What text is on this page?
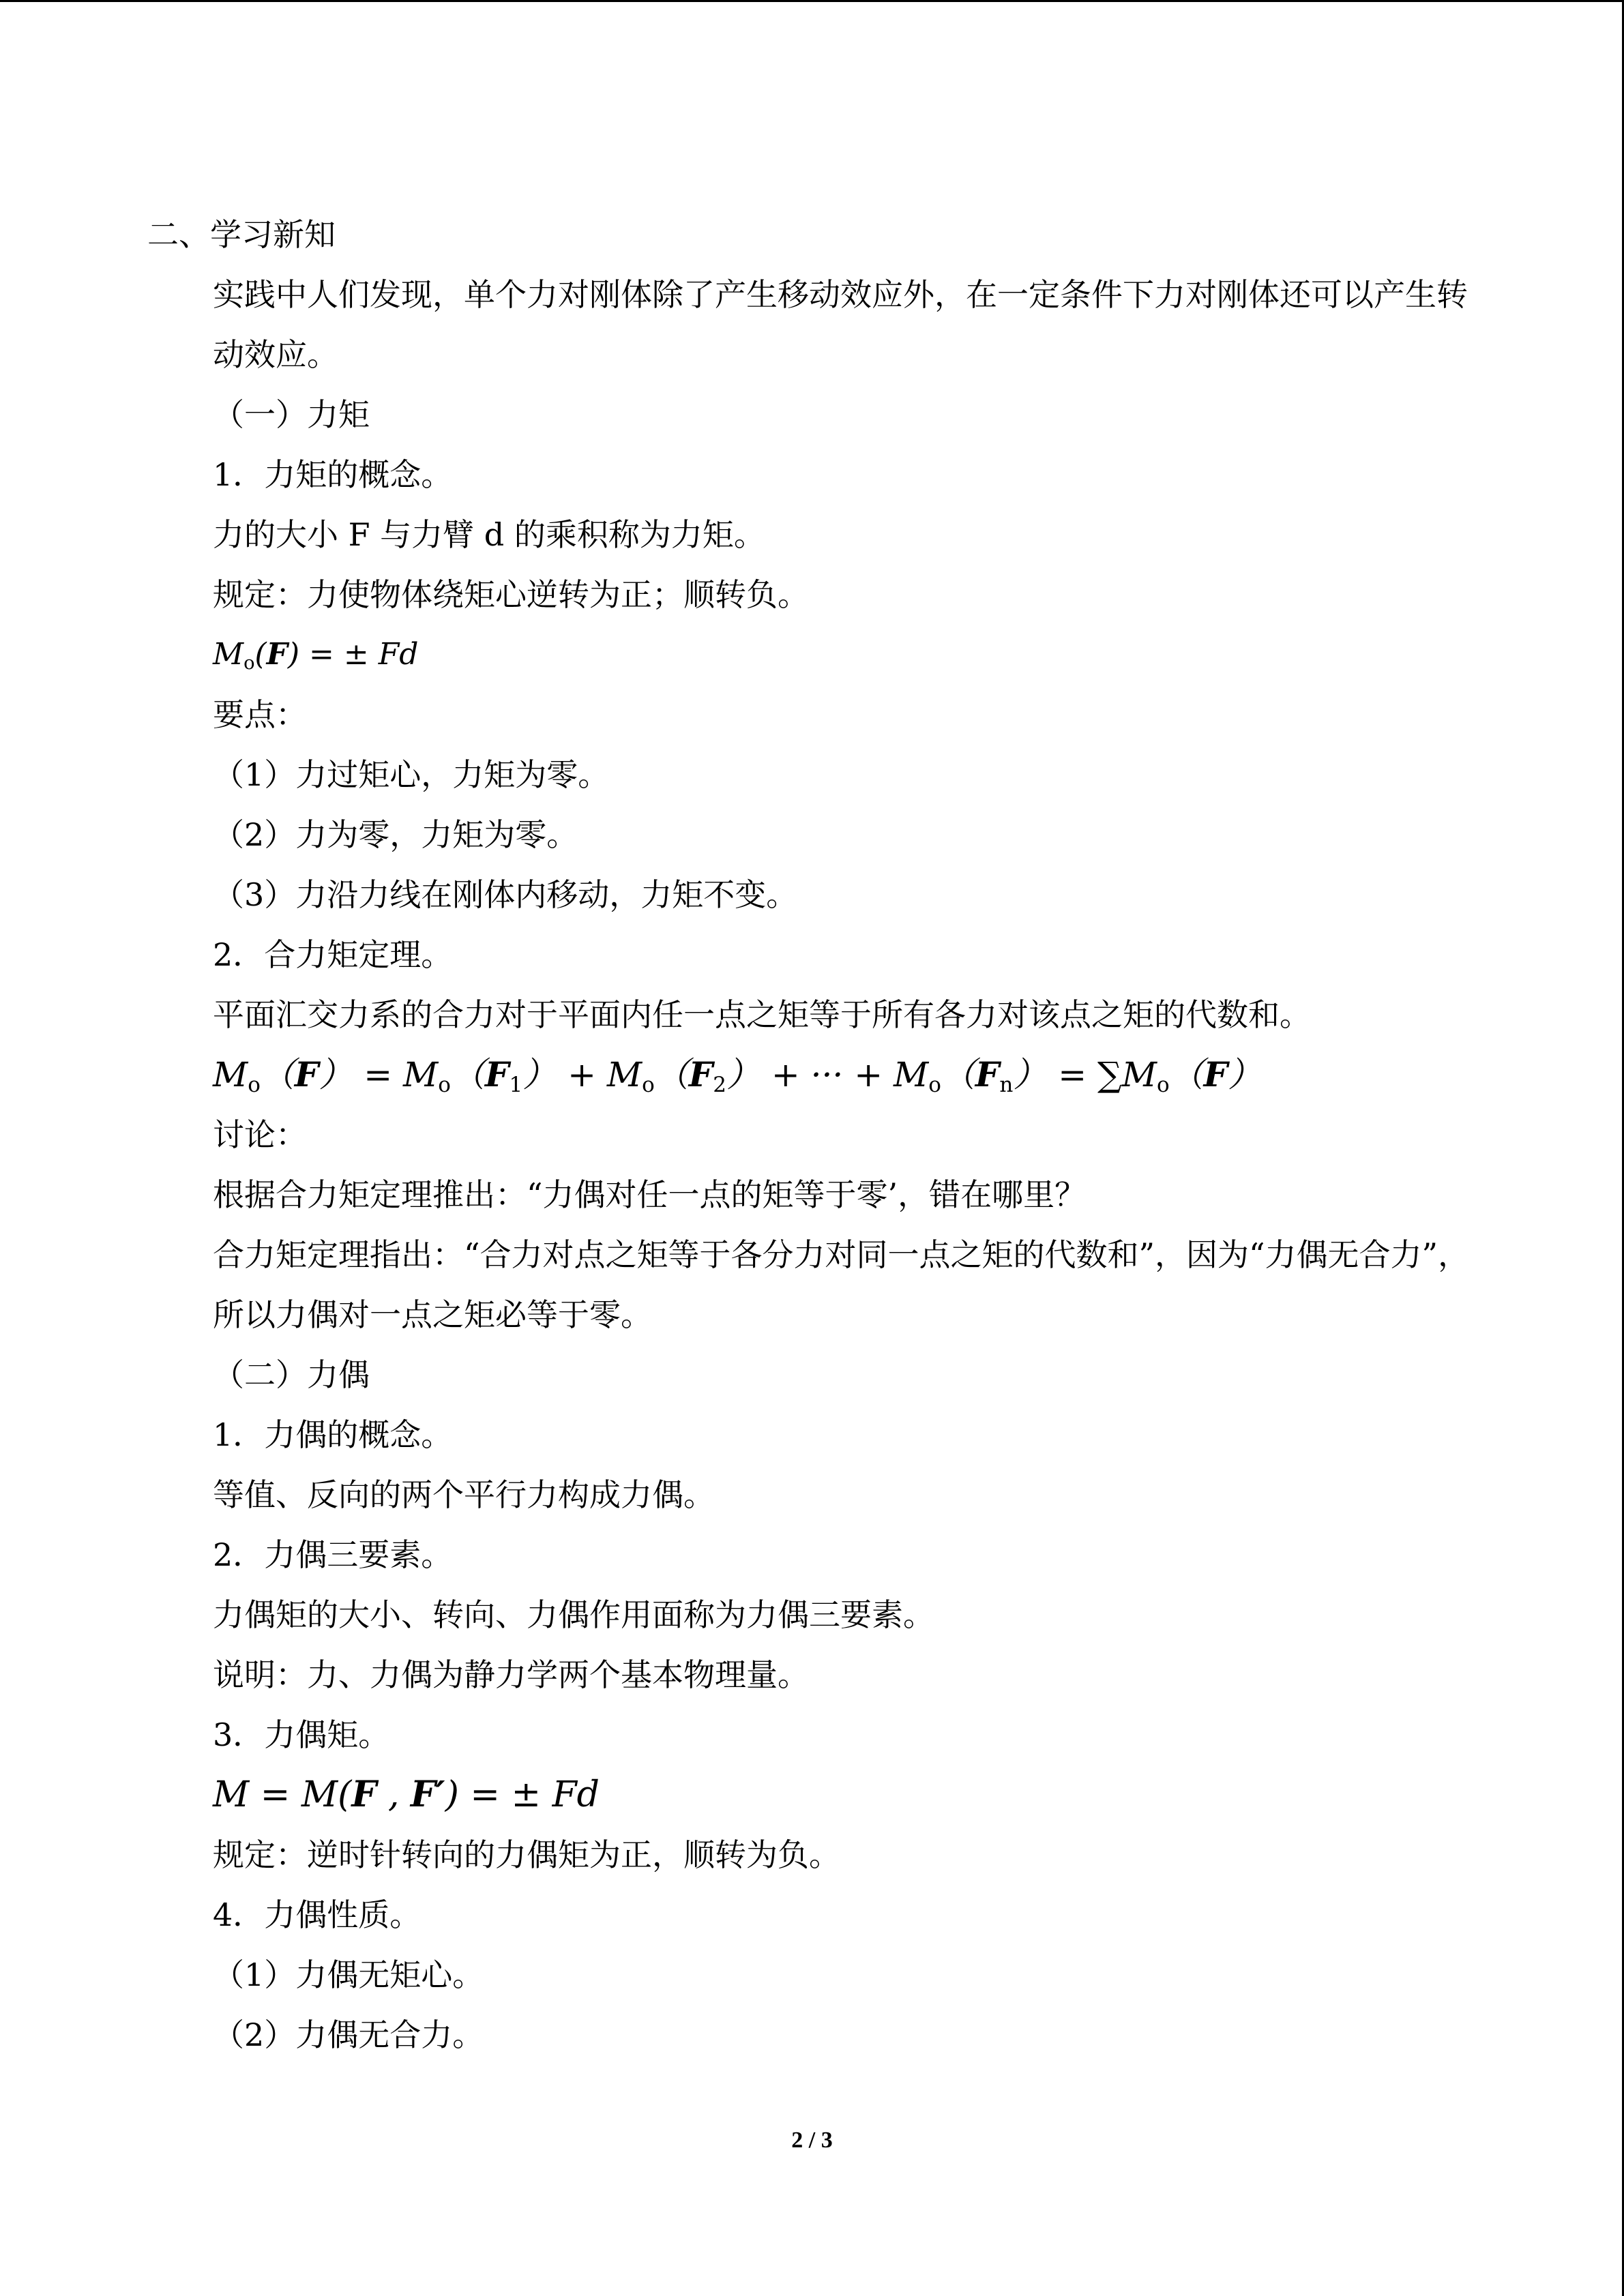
二、学习新知

实践中人们发现，单个力对刚体除了产生移动效应外，在一定条件下力对刚体还可以产生转动效应。

（一）力矩

1．力矩的概念。

力的大小 F 与力臂 d 的乘积称为力矩。

规定：力使物体绕矩心逆转为正；顺转负。

$M_o(F)$ = ± Fd

要点：

（1）力过矩心，力矩为零。

（2）力为零，力矩为零。

（3）力沿力线在刚体内移动，力矩不变。

2．合力矩定理。

平面汇交力系的合力对于平面内任一点之矩等于所有各力对该点之矩的代数和。

$M_o(F) = M_o(F_1) + M_o(F_2)$ + ··· + $M_o(F_n) = \sum M_o(F)$

讨论：

根据合力矩定理推出：“力偶对任一点的矩等于零’，错在哪里？

合力矩定理指出：“合力对点之矩等于各分力对同一点之矩的代数和”，因为“力偶无合力”，所以力偶对一点之矩必等于零。

（二）力偶

1．力偶的概念。

等值、反向的两个平行力构成力偶。

2．力偶三要素。

力偶矩的大小、转向、力偶作用面称为力偶三要素。

说明：力、力偶为静力学两个基本物理量。

3．力偶矩。

M = M(F , F′) = ± Fd

规定：逆时针转向的力偶矩为正，顺转为负。

4．力偶性质。

（1）力偶无矩心。

（2）力偶无合力。

2 / 3
